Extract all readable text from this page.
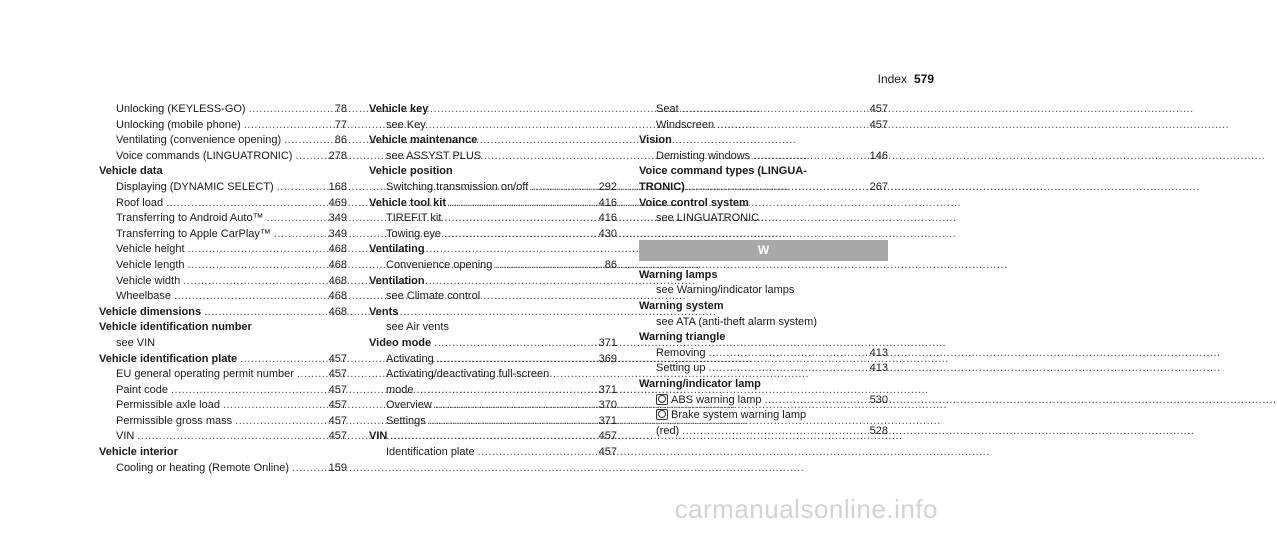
Index 579
Unlocking (KEYLESS-GO) .....	78
Unlocking (mobile phone) .....	77
Ventilating (convenience opening) .....	86
Voice commands (LINGUATRONIC) .....	278
Vehicle data
Displaying (DYNAMIC SELECT) .....	168
Roof load .....	469
Transferring to Android Auto™ .....	349
Transferring to Apple CarPlay™ .....	349
Vehicle height .....	468
Vehicle length .....	468
Vehicle width .....	468
Wheelbase .....	468
Vehicle dimensions .....	468
Vehicle identification number
see VIN
Vehicle identification plate .....	457
EU general operating permit number .....	457
Paint code .....	457
Permissible axle load .....	457
Permissible gross mass .....	457
VIN .....	457
Vehicle interior
Cooling or heating (Remote Online) .....	159
Vehicle key
see Key
Vehicle maintenance
see ASSYST PLUS
Vehicle position
Switching transmission on/off .....	292
Vehicle tool kit .....	416
TIREFIT kit .....	416
Towing eye .....	430
Ventilating
Convenience opening .....	86
Ventilation
see Climate control
Vents
see Air vents
Video mode .....	371
Activating .....	369
Activating/deactivating full-screen
mode .....	371
Overview .....	370
Settings .....	371
VIN .....	457
Identification plate .....	457
Seat .....	457
Windscreen .....	457
Vision
Demisting windows .....	146
Voice command types (LINGUA-
TRONIC) .....	267
Voice control system
see LINGUATRONIC
W
Warning lamps
see Warning/indicator lamps
Warning system
see ATA (anti-theft alarm system)
Warning triangle
Removing .....	413
Setting up .....	413
Warning/indicator lamp
ABS warning lamp .....	530
Brake system warning lamp
(red) .....	528
carmanualsonline.info
